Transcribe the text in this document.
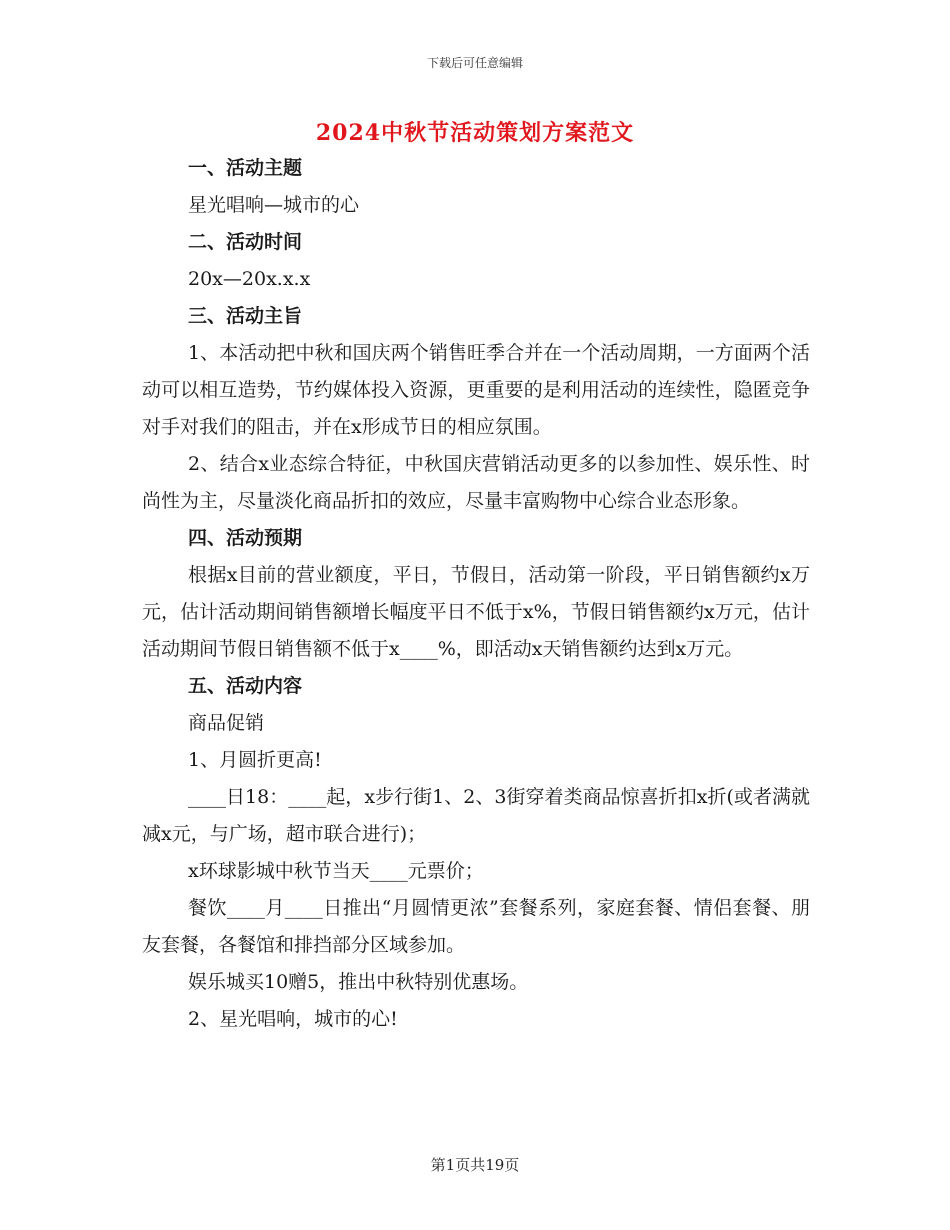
下载后可任意编辑
2024中秋节活动策划方案范文
一、活动主题
星光唱响—城市的心
二、活动时间
20x—20x.x.x
三、活动主旨
1、本活动把中秋和国庆两个销售旺季合并在一个活动周期，一方面两个活动可以相互造势，节约媒体投入资源，更重要的是利用活动的连续性，隐匿竞争对手对我们的阻击，并在x形成节日的相应氛围。
2、结合x业态综合特征，中秋国庆营销活动更多的以参加性、娱乐性、时尚性为主，尽量淡化商品折扣的效应，尽量丰富购物中心综合业态形象。
四、活动预期
根据x目前的营业额度，平日，节假日，活动第一阶段，平日销售额约x万元，估计活动期间销售额增长幅度平日不低于x%，节假日销售额约x万元，估计活动期间节假日销售额不低于x____%，即活动x天销售额约达到x万元。
五、活动内容
商品促销
1、月圆折更高!
____日18：____起，x步行街1、2、3街穿着类商品惊喜折扣x折(或者满就减x元，与广场，超市联合进行)；
x环球影城中秋节当天____元票价；
餐饮____月____日推出“月圆情更浓”套餐系列，家庭套餐、情侣套餐、朋友套餐，各餐馆和排挡部分区域参加。
娱乐城买10赠5，推出中秋特别优惠场。
2、星光唱响，城市的心!
第1页共19页
